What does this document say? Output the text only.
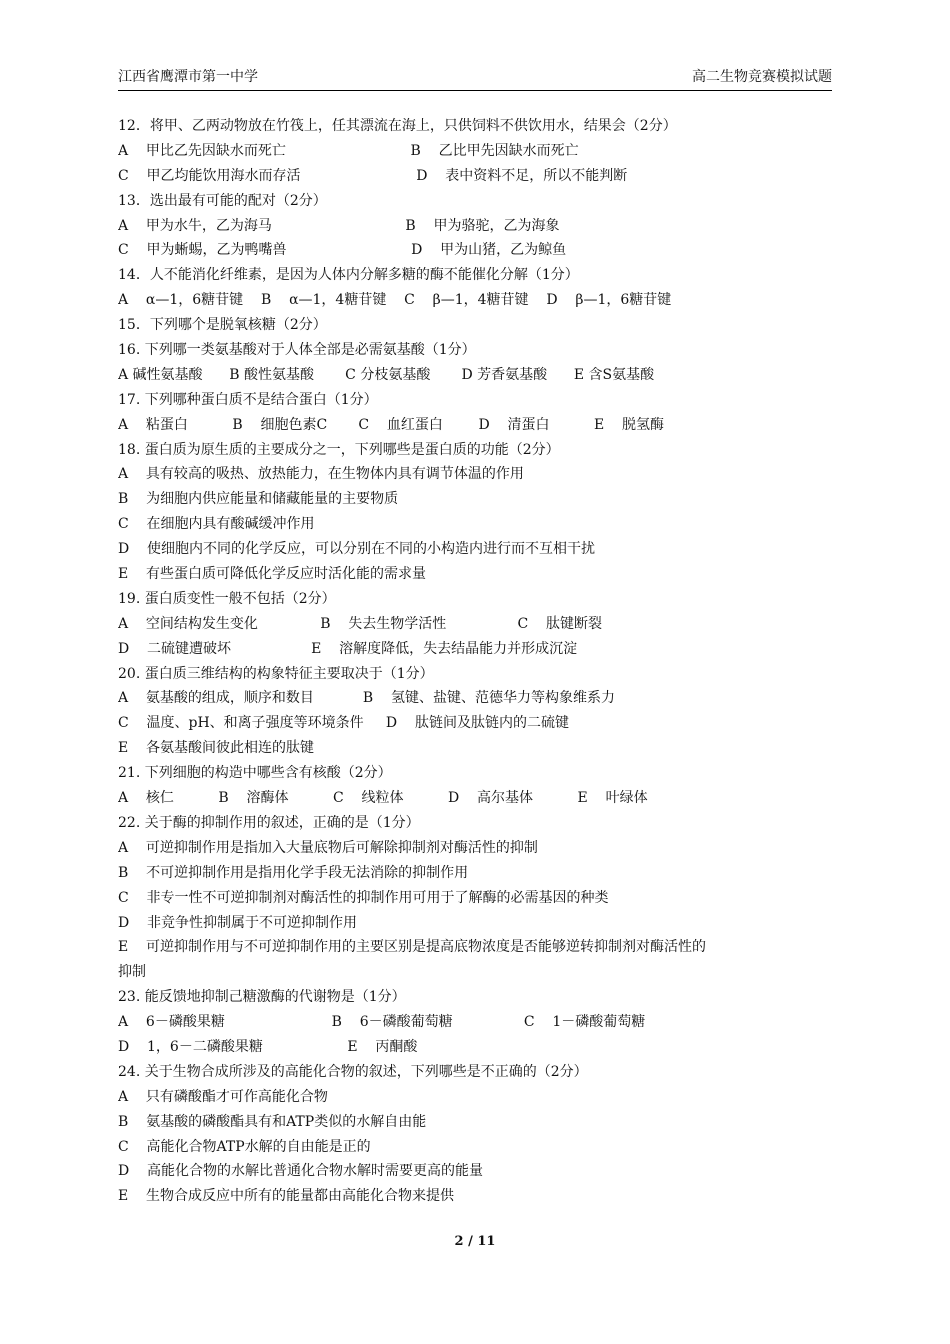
江西省鹰潭市第一中学	高二生物竞赛模拟试题
12．将甲、乙两动物放在竹筏上，任其漂流在海上，只供饲料不供饮用水，结果会（2分）
A    甲比乙先因缺水而死亡                            B    乙比甲先因缺水而死亡
C    甲乙均能饮用海水而存活                          D    表中资料不足，所以不能判断
13．选出最有可能的配对（2分）
A    甲为水牛，乙为海马                              B    甲为骆驼，乙为海象
C    甲为蜥蜴，乙为鸭嘴兽                            D    甲为山猪，乙为鲸鱼
14．人不能消化纤维素，是因为人体内分解多糖的酶不能催化分解（1分）
A    α—1，6糖苷键    B    α—1，4糖苷键    C    β—1，4糖苷键    D    β—1，6糖苷键
15．下列哪个是脱氧核糖（2分）
16. 下列哪一类氨基酸对于人体全部是必需氨基酸（1分）
A 碱性氨基酸      B 酸性氨基酸       C 分枝氨基酸       D 芳香氨基酸      E 含S氨基酸
17. 下列哪种蛋白质不是结合蛋白（1分）
A    粘蛋白          B    细胞色素C       C    血红蛋白        D    清蛋白          E    脱氢酶
18. 蛋白质为原生质的主要成分之一，下列哪些是蛋白质的功能（2分）
A    具有较高的吸热、放热能力，在生物体内具有调节体温的作用
B    为细胞内供应能量和储藏能量的主要物质
C    在细胞内具有酸碱缓冲作用
D    使细胞内不同的化学反应，可以分别在不同的小构造内进行而不互相干扰
E    有些蛋白质可降低化学反应时活化能的需求量
19. 蛋白质变性一般不包括（2分）
A    空间结构发生变化              B    失去生物学活性                C    肽键断裂
D    二硫键遭破坏                  E    溶解度降低，失去结晶能力并形成沉淀
20. 蛋白质三维结构的构象特征主要取决于（1分）
A    氨基酸的组成，顺序和数目           B    氢键、盐键、范德华力等构象维系力
C    温度、pH、和离子强度等环境条件     D    肽链间及肽链内的二硫键
E    各氨基酸间彼此相连的肽键
21. 下列细胞的构造中哪些含有核酸（2分）
A    核仁          B    溶酶体          C    线粒体          D    高尔基体          E    叶绿体
22. 关于酶的抑制作用的叙述，正确的是（1分）
A    可逆抑制作用是指加入大量底物后可解除抑制剂对酶活性的抑制
B    不可逆抑制作用是指用化学手段无法消除的抑制作用
C    非专一性不可逆抑制剂对酶活性的抑制作用可用于了解酶的必需基因的种类
D    非竞争性抑制属于不可逆抑制作用
E    可逆抑制作用与不可逆抑制作用的主要区别是提高底物浓度是否能够逆转抑制剂对酶活性的
抑制
23. 能反馈地抑制己糖激酶的代谢物是（1分）
A    6－磷酸果糖                        B    6－磷酸葡萄糖                C    1－磷酸葡萄糖
D    1，6－二磷酸果糖                   E    丙酮酸
24. 关于生物合成所涉及的高能化合物的叙述，下列哪些是不正确的（2分）
A    只有磷酸酯才可作高能化合物
B    氨基酸的磷酸酯具有和ATP类似的水解自由能
C    高能化合物ATP水解的自由能是正的
D    高能化合物的水解比普通化合物水解时需要更高的能量
E    生物合成反应中所有的能量都由高能化合物来提供
2 / 11
